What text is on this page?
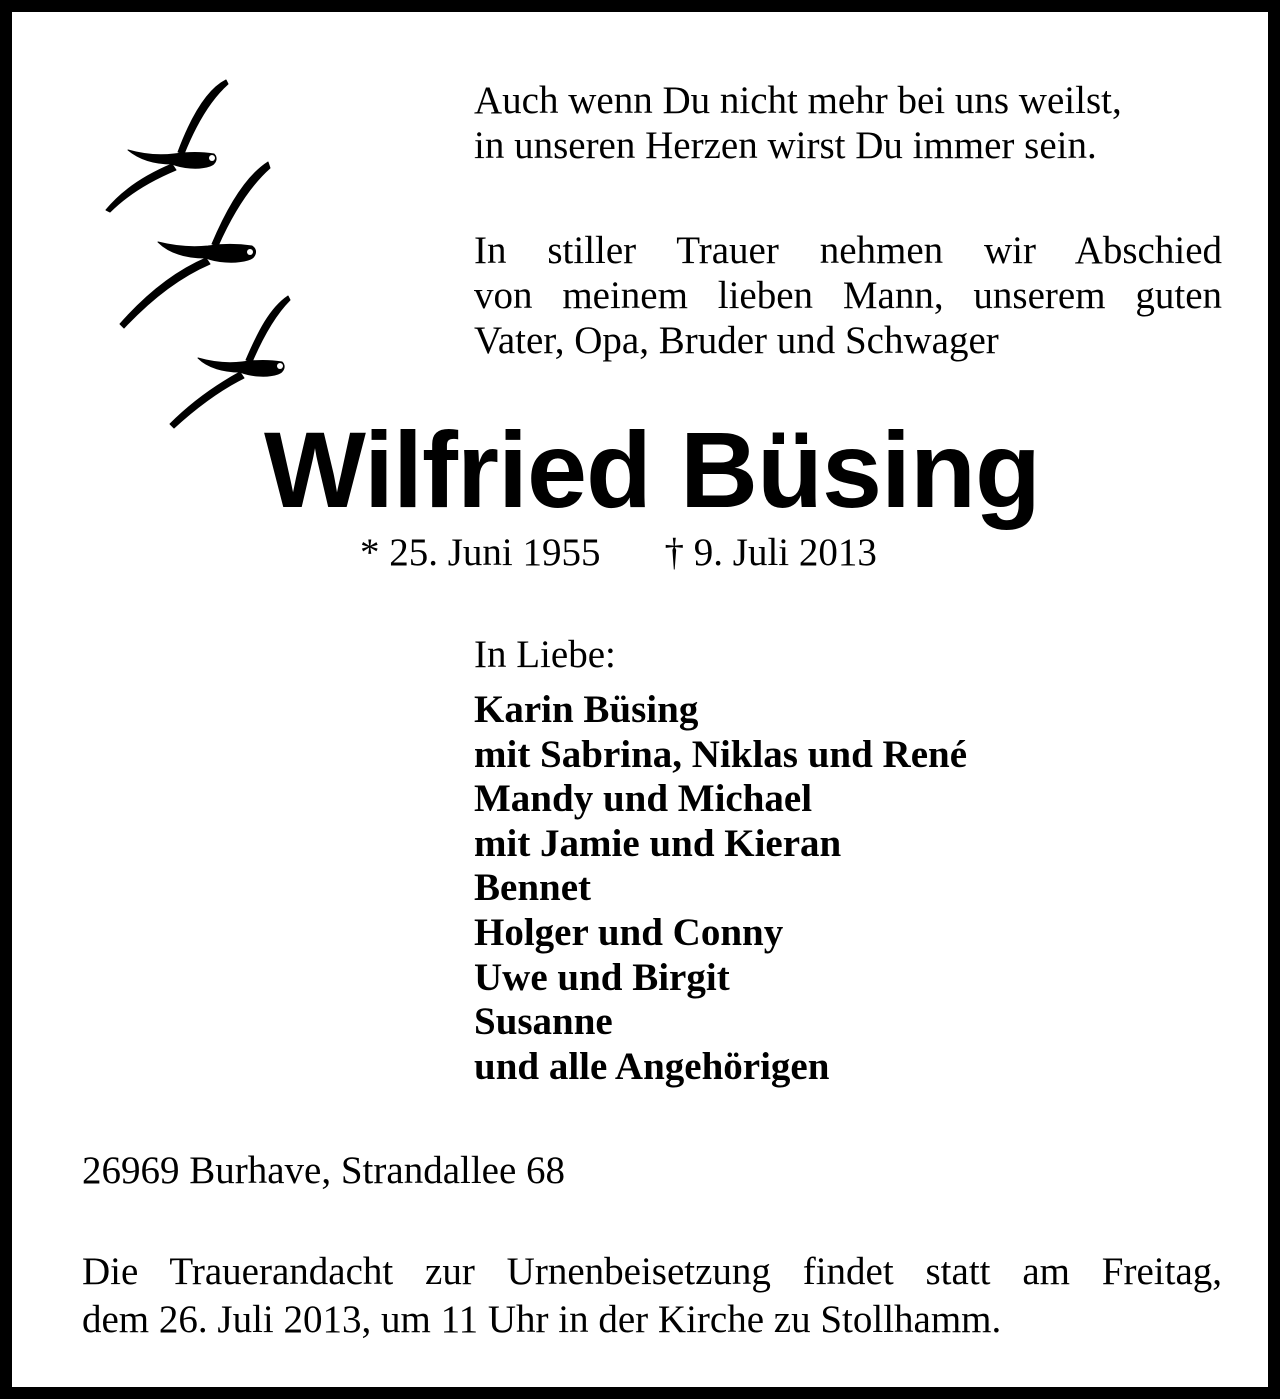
Auch wenn Du nicht mehr bei uns weilst,
in unseren Herzen wirst Du immer sein.
In stiller Trauer nehmen wir Abschied
von meinem lieben Mann, unserem guten
Vater, Opa, Bruder und Schwager
Wilfried Büsing
* 25. Juni 1955 † 9. Juli 2013
In Liebe:
Karin Büsing
mit Sabrina, Niklas und René
Mandy und Michael
mit Jamie und Kieran
Bennet
Holger und Conny
Uwe und Birgit
Susanne
und alle Angehörigen
26969 Burhave, Strandallee 68
Die Trauerandacht zur Urnenbeisetzung findet statt am Freitag,
dem 26. Juli 2013, um 11 Uhr in der Kirche zu Stollhamm.
